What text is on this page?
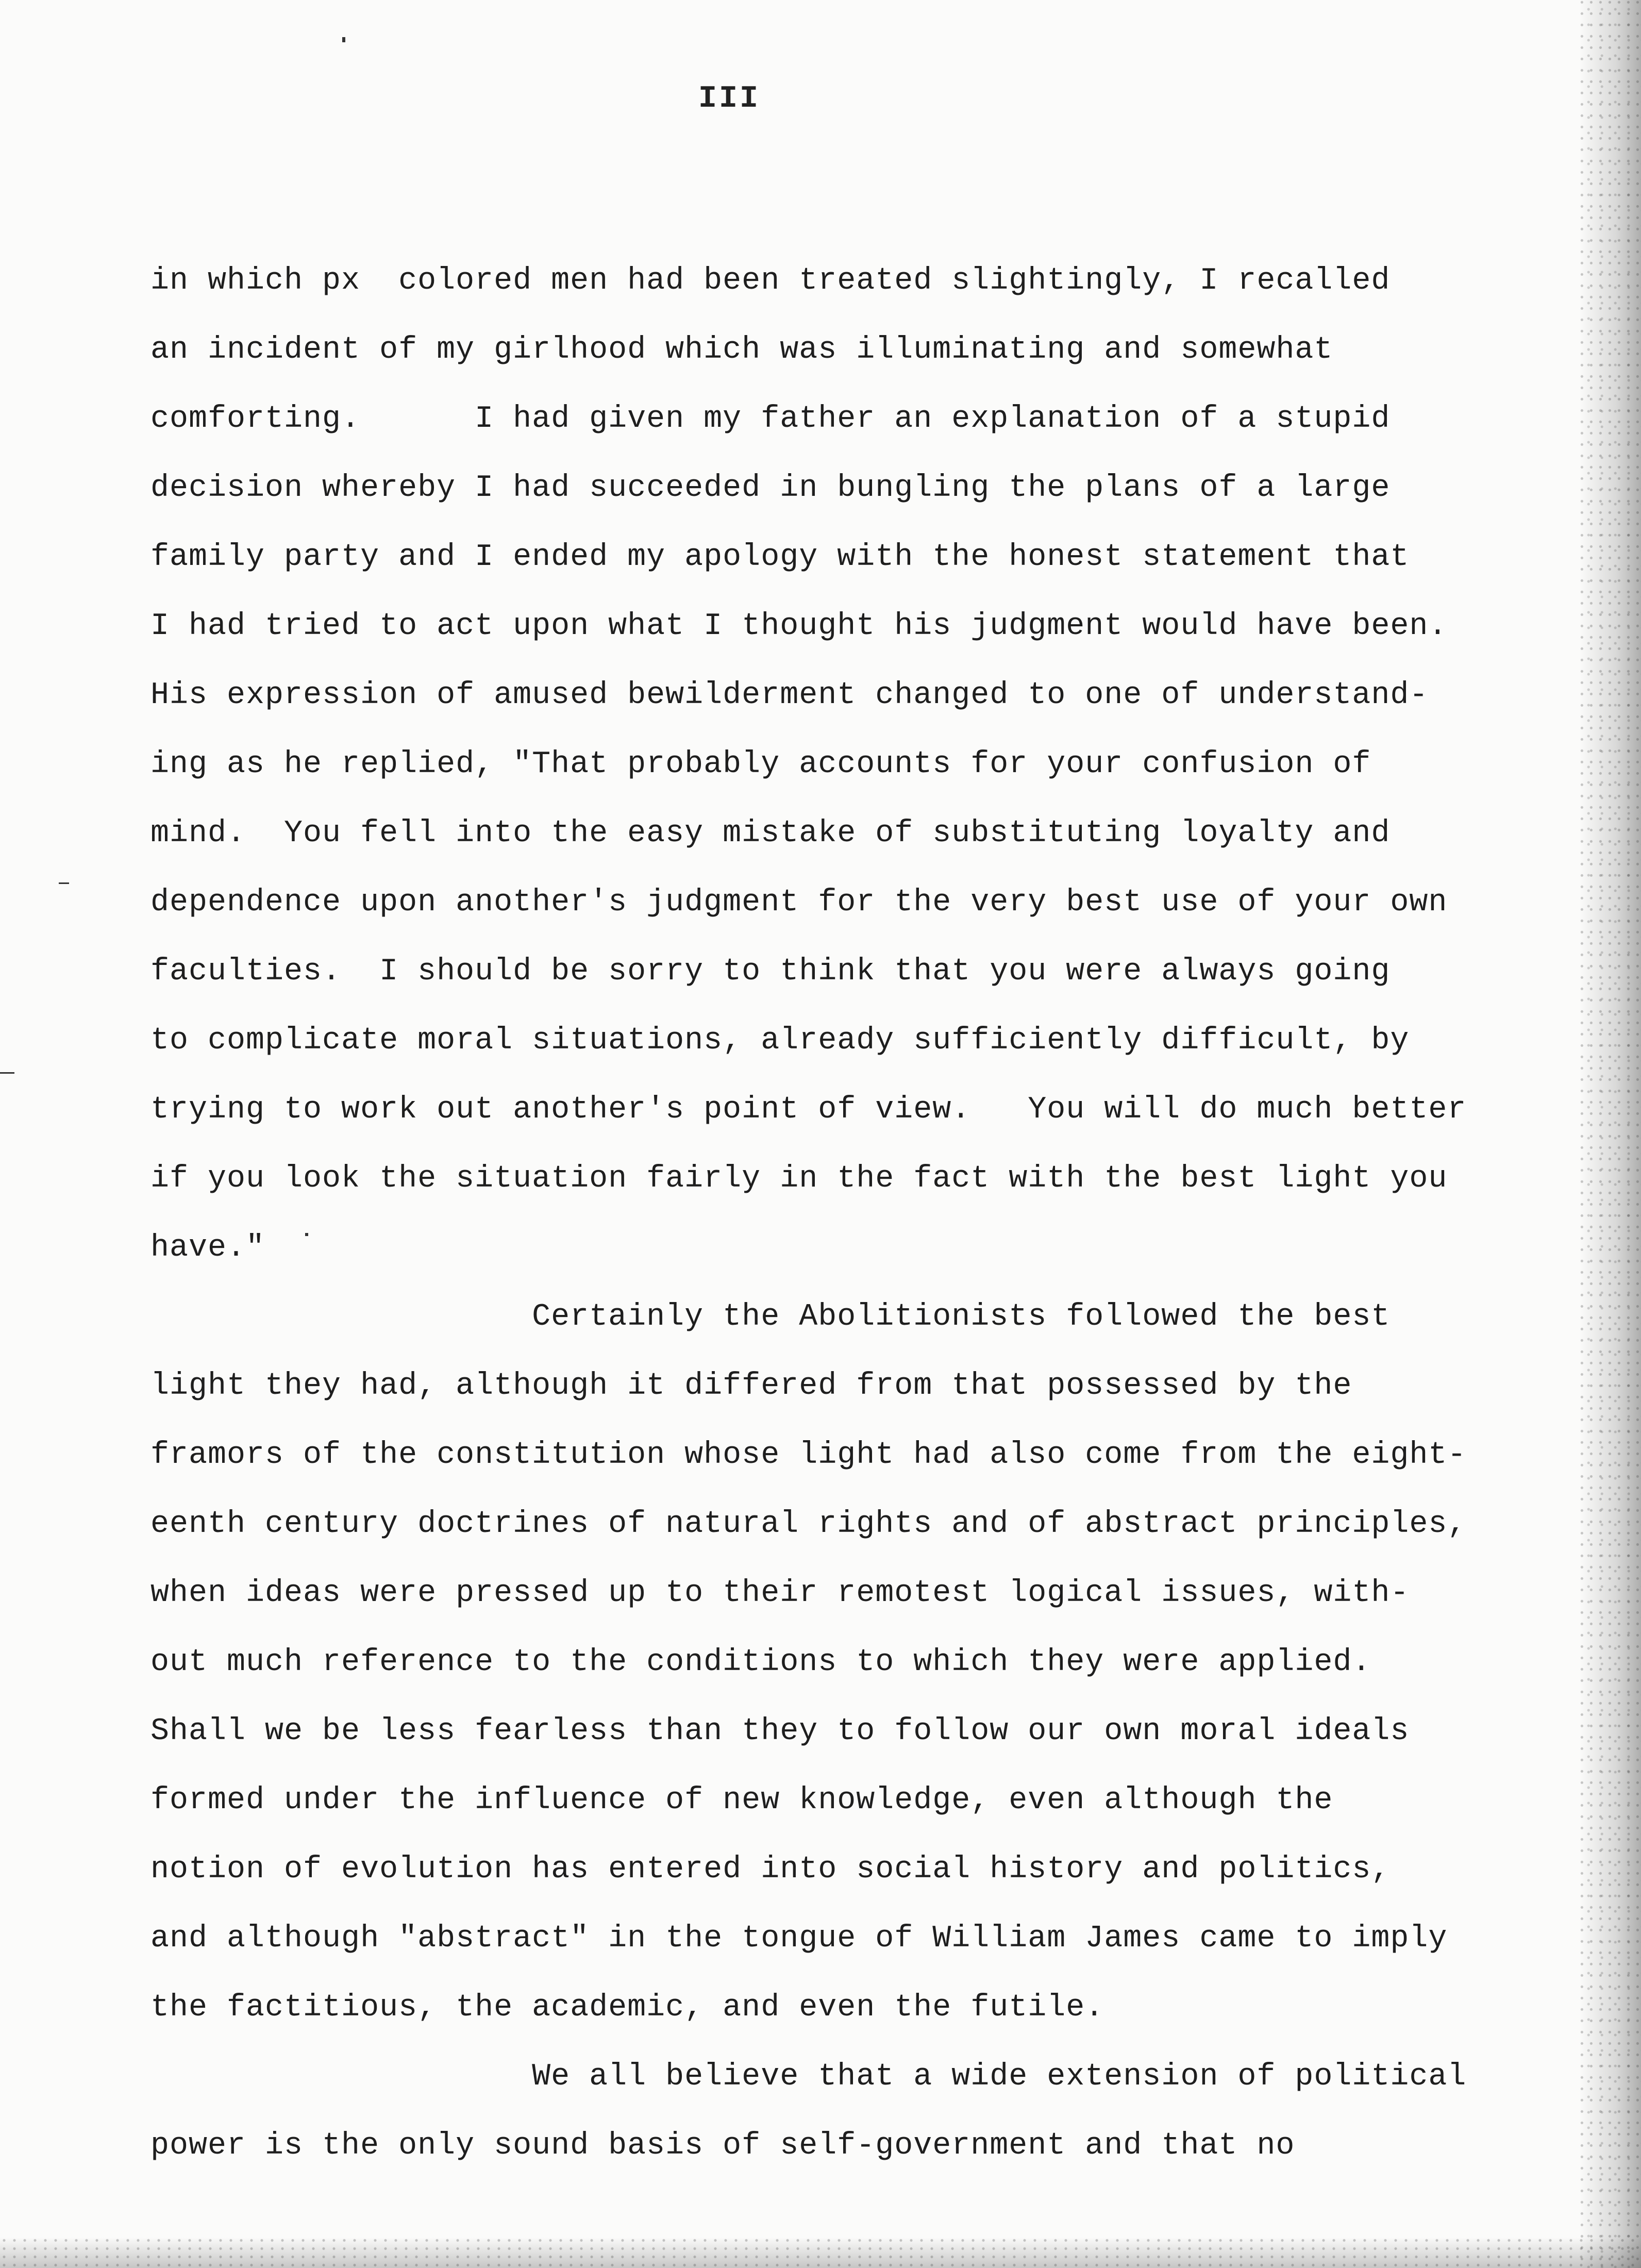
III
in which px  colored men had been treated slightingly, I recalled
an incident of my girlhood which was illuminating and somewhat
comforting.      I had given my father an explanation of a stupid
decision whereby I had succeeded in bungling the plans of a large
family party and I ended my apology with the honest statement that
I had tried to act upon what I thought his judgment would have been.
His expression of amused bewilderment changed to one of understand-
ing as he replied, "That probably accounts for your confusion of
mind.  You fell into the easy mistake of substituting loyalty and
dependence upon another's judgment for the very best use of your own
faculties.  I should be sorry to think that you were always going
to complicate moral situations, already sufficiently difficult, by
trying to work out another's point of view.   You will do much better
if you look the situation fairly in the fact with the best light you
have."
Certainly the Abolitionists followed the best
light they had, although it differed from that possessed by the
framors of the constitution whose light had also come from the eight-
eenth century doctrines of natural rights and of abstract principles,
when ideas were pressed up to their remotest logical issues, with-
out much reference to the conditions to which they were applied.
Shall we be less fearless than they to follow our own moral ideals
formed under the influence of new knowledge, even although the
notion of evolution has entered into social history and politics,
and although "abstract" in the tongue of William James came to imply
the factitious, the academic, and even the futile.
We all believe that a wide extension of political
power is the only sound basis of self-government and that no
